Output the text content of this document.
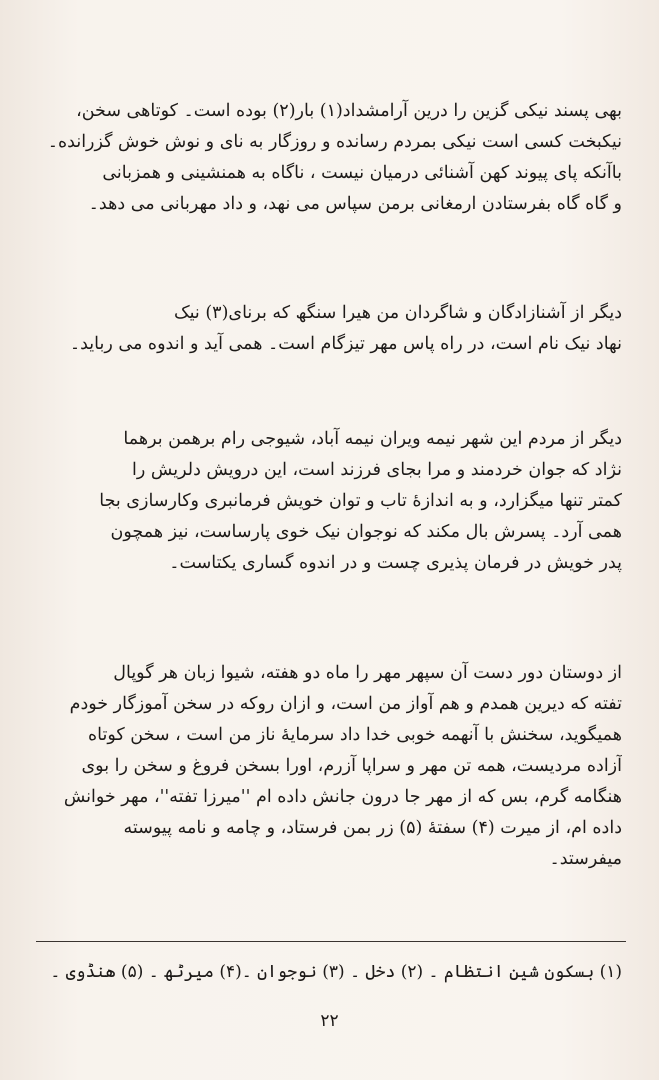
بهی پسند نیکی گزین را درین آرامشداد(۱) بار(۲) بوده است۔ کوتاهی سخن،
نیکبخت کسی است نیکی بمردم رسانده و روزگار به نای و نوش خوش گزرانده۔
باآنکه پای پیوند کهن آشنائی درمیان نیست ، ناگاه به همنشینی و همزبانی
و گاه گاه بفرستادن ارمغانی برمن سپاس می نهد، و داد مهربانی می دهد۔
دیگر از آشنازادگان و شاگردان من هیرا سنگھ که برنای(۳) نیک
نهاد نیک نام است، در راه پاس مهر تیزگام است۔ همی آید و اندوه می رباید۔
دیگر از مردم این شهر نیمه ویران نیمه آباد، شیوجی رام برهمن برهما
نژاد که جوان خردمند و مرا بجای فرزند است، این درویش دلریش را
کمتر تنها میگزارد، و به اندازهٔ تاب و توان خویش فرمانبری وکارسازی بجا
همی آرد۔ پسرش بال مکند که نوجوان نیک خوی پارساست، نیز همچون
پدر خویش در فرمان پذیری چست و در اندوه گساری یکتاست۔
از دوستان دور دست آن سپهر مهر را ماه دو هفته، شیوا زبان هر گوپال
تفته که دیرین همدم و هم آواز من است، و ازان روکه در سخن آموزگار خودم
همیگوید، سخنش با آنهمه خوبی خدا داد سرمایهٔ ناز من است ، سخن کوتاه
آزاده مردیست، همه تن مهر و سراپا آزرم، اورا بسخن فروغ و سخن را بوی
هنگامه گرم، بس که از مهر جا درون جانش داده ام ''میرزا تفته''، مهر خوانش
داده ام، از میرت (۴) سفتهٔ (۵) زر بمن فرستاد، و چامه و نامه پیوسته
میفرستد۔
(۱) بسکون شین انتظام ۔ (۲) دخل ۔ (۳) نوجوان ۔(۴) میرٹھ ۔ (۵) هنڈوی ۔
۲۲
